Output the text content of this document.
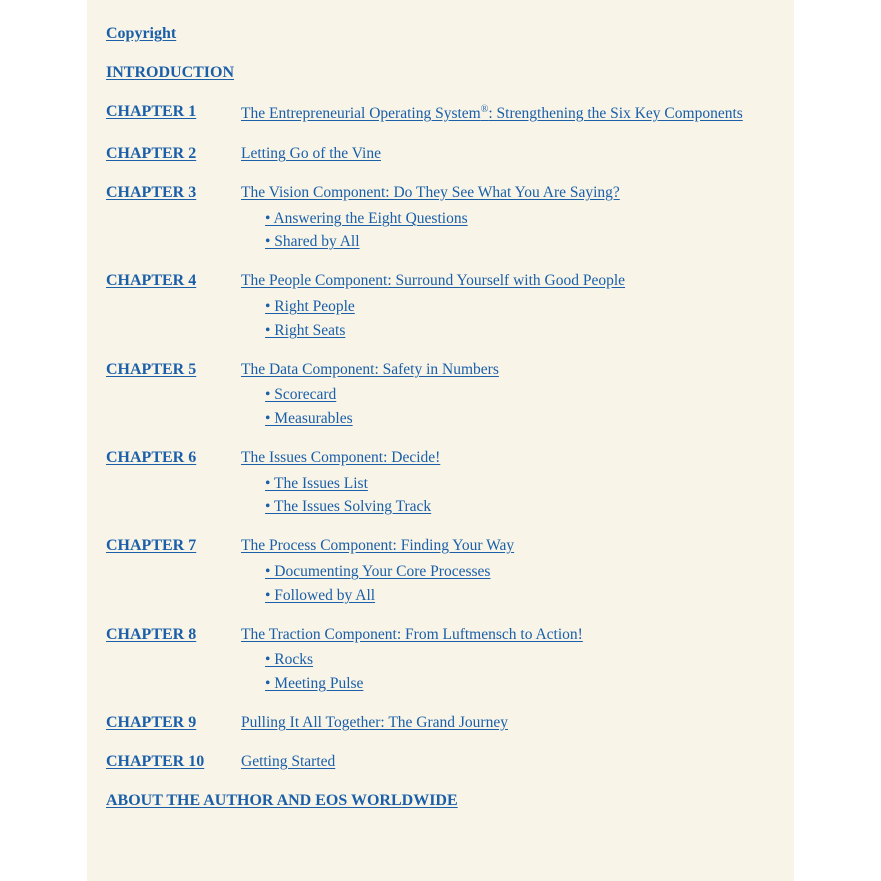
Copyright
INTRODUCTION
CHAPTER 1	The Entrepreneurial Operating System®: Strengthening the Six Key Components
CHAPTER 2	Letting Go of the Vine
CHAPTER 3	The Vision Component: Do They See What You Are Saying?
• Answering the Eight Questions
• Shared by All
CHAPTER 4	The People Component: Surround Yourself with Good People
• Right People
• Right Seats
CHAPTER 5	The Data Component: Safety in Numbers
• Scorecard
• Measurables
CHAPTER 6	The Issues Component: Decide!
• The Issues List
• The Issues Solving Track
CHAPTER 7	The Process Component: Finding Your Way
• Documenting Your Core Processes
• Followed by All
CHAPTER 8	The Traction Component: From Luftmensch to Action!
• Rocks
• Meeting Pulse
CHAPTER 9	Pulling It All Together: The Grand Journey
CHAPTER 10 Getting Started
ABOUT THE AUTHOR AND EOS WORLDWIDE
